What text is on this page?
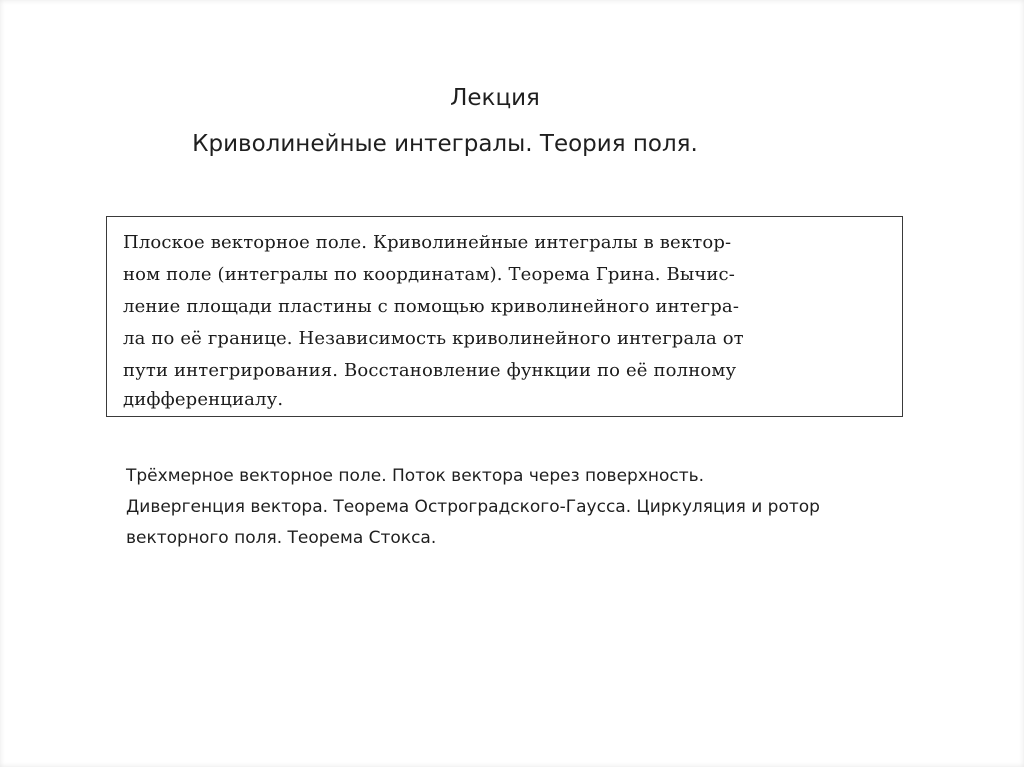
Лекция
Криволинейные интегралы. Теория поля.
Плоское векторное поле. Криволинейные интегралы в вектор-
ном поле (интегралы по координатам). Теорема Грина. Вычис-
ление площади пластины с помощью криволинейного интегра-
ла по её границе. Независимость криволинейного интеграла от
пути интегрирования. Восстановление функции по её полному
дифференциалу.
Трёхмерное векторное поле. Поток вектора через поверхность.
Дивергенция вектора. Теорема Остроградского-Гаусса. Циркуляция и ротор
векторного поля. Теорема Стокса.
